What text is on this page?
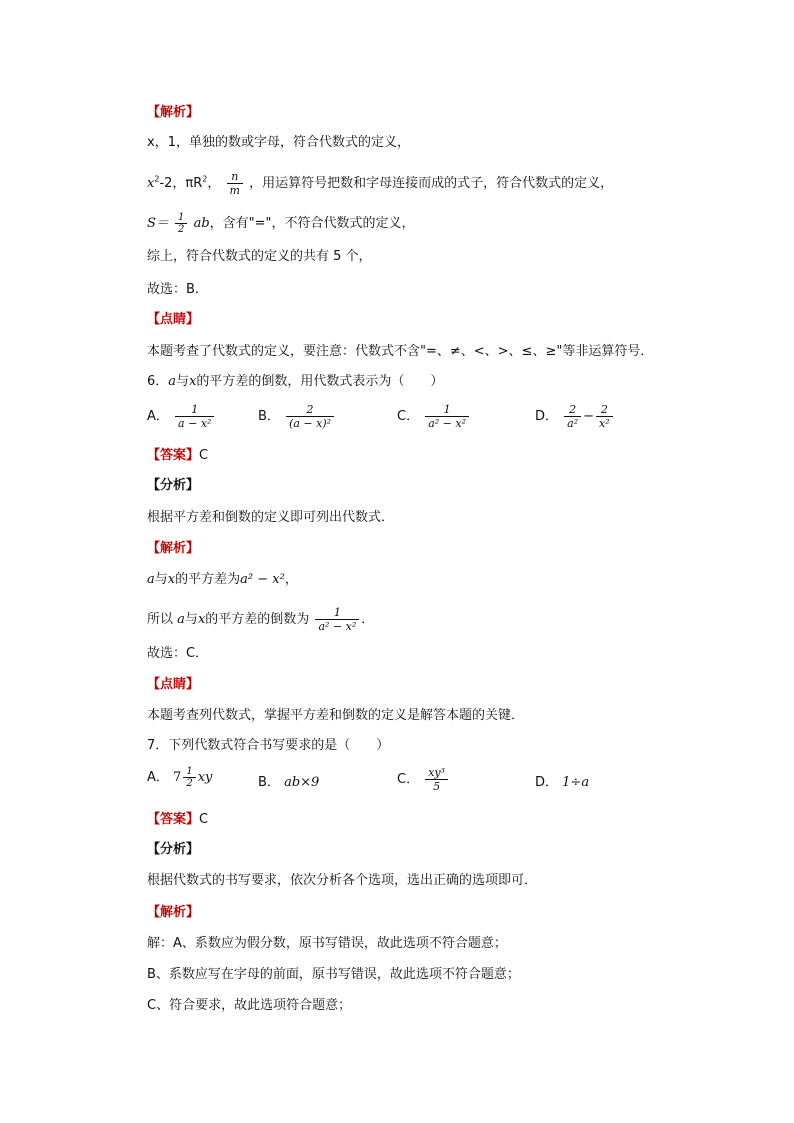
【解析】
x，1，单独的数或字母，符合代数式的定义，
$x^2-2$，$\pi R^2$， $\frac{n}{m}$ ，用运算符号把数和字母连接而成的式子，符合代数式的定义，
$S= \frac{1}{2}$ ab，含有"="，不符合代数式的定义，
综上，符合代数式的定义的共有 5 个，
故选：B．
【点睛】
本题考查了代数式的定义，要注意：代数式不含"=、≠、<、>、≤、≥"等非运算符号．
6．a与x的平方差的倒数，用代数式表示为（　　）
A． $\frac{1}{\text{a − x²}}$	B． $\frac{2}{\text{(a − x)²}}$	C． $\frac{1}{\text{a² − x²}}$	D． $\frac{2}{\text{a²}} - \frac{2}{\text{x²}}$
【答案】C
【分析】
根据平方差和倒数的定义即可列出代数式．
【解析】
a与x的平方差为a² − x²，
所以 a与x的平方差的倒数为 $\frac{1}{\text{a² − x²}}$ ．
故选：C．
【点睛】
本题考查列代数式，掌握平方差和倒数的定义是解答本题的关键．
7．下列代数式符合书写要求的是（　　）
A． $7 \frac{1}{2}$ xy	B． ab×9	C． $\frac{\text{xy³}}{5}$	D． 1÷a
【答案】C
【分析】
根据代数式的书写要求，依次分析各个选项，选出正确的选项即可．
【解析】
解：A、系数应为假分数，原书写错误，故此选项不符合题意；
B、系数应写在字母的前面，原书写错误，故此选项不符合题意；
C、符合要求，故此选项符合题意；
